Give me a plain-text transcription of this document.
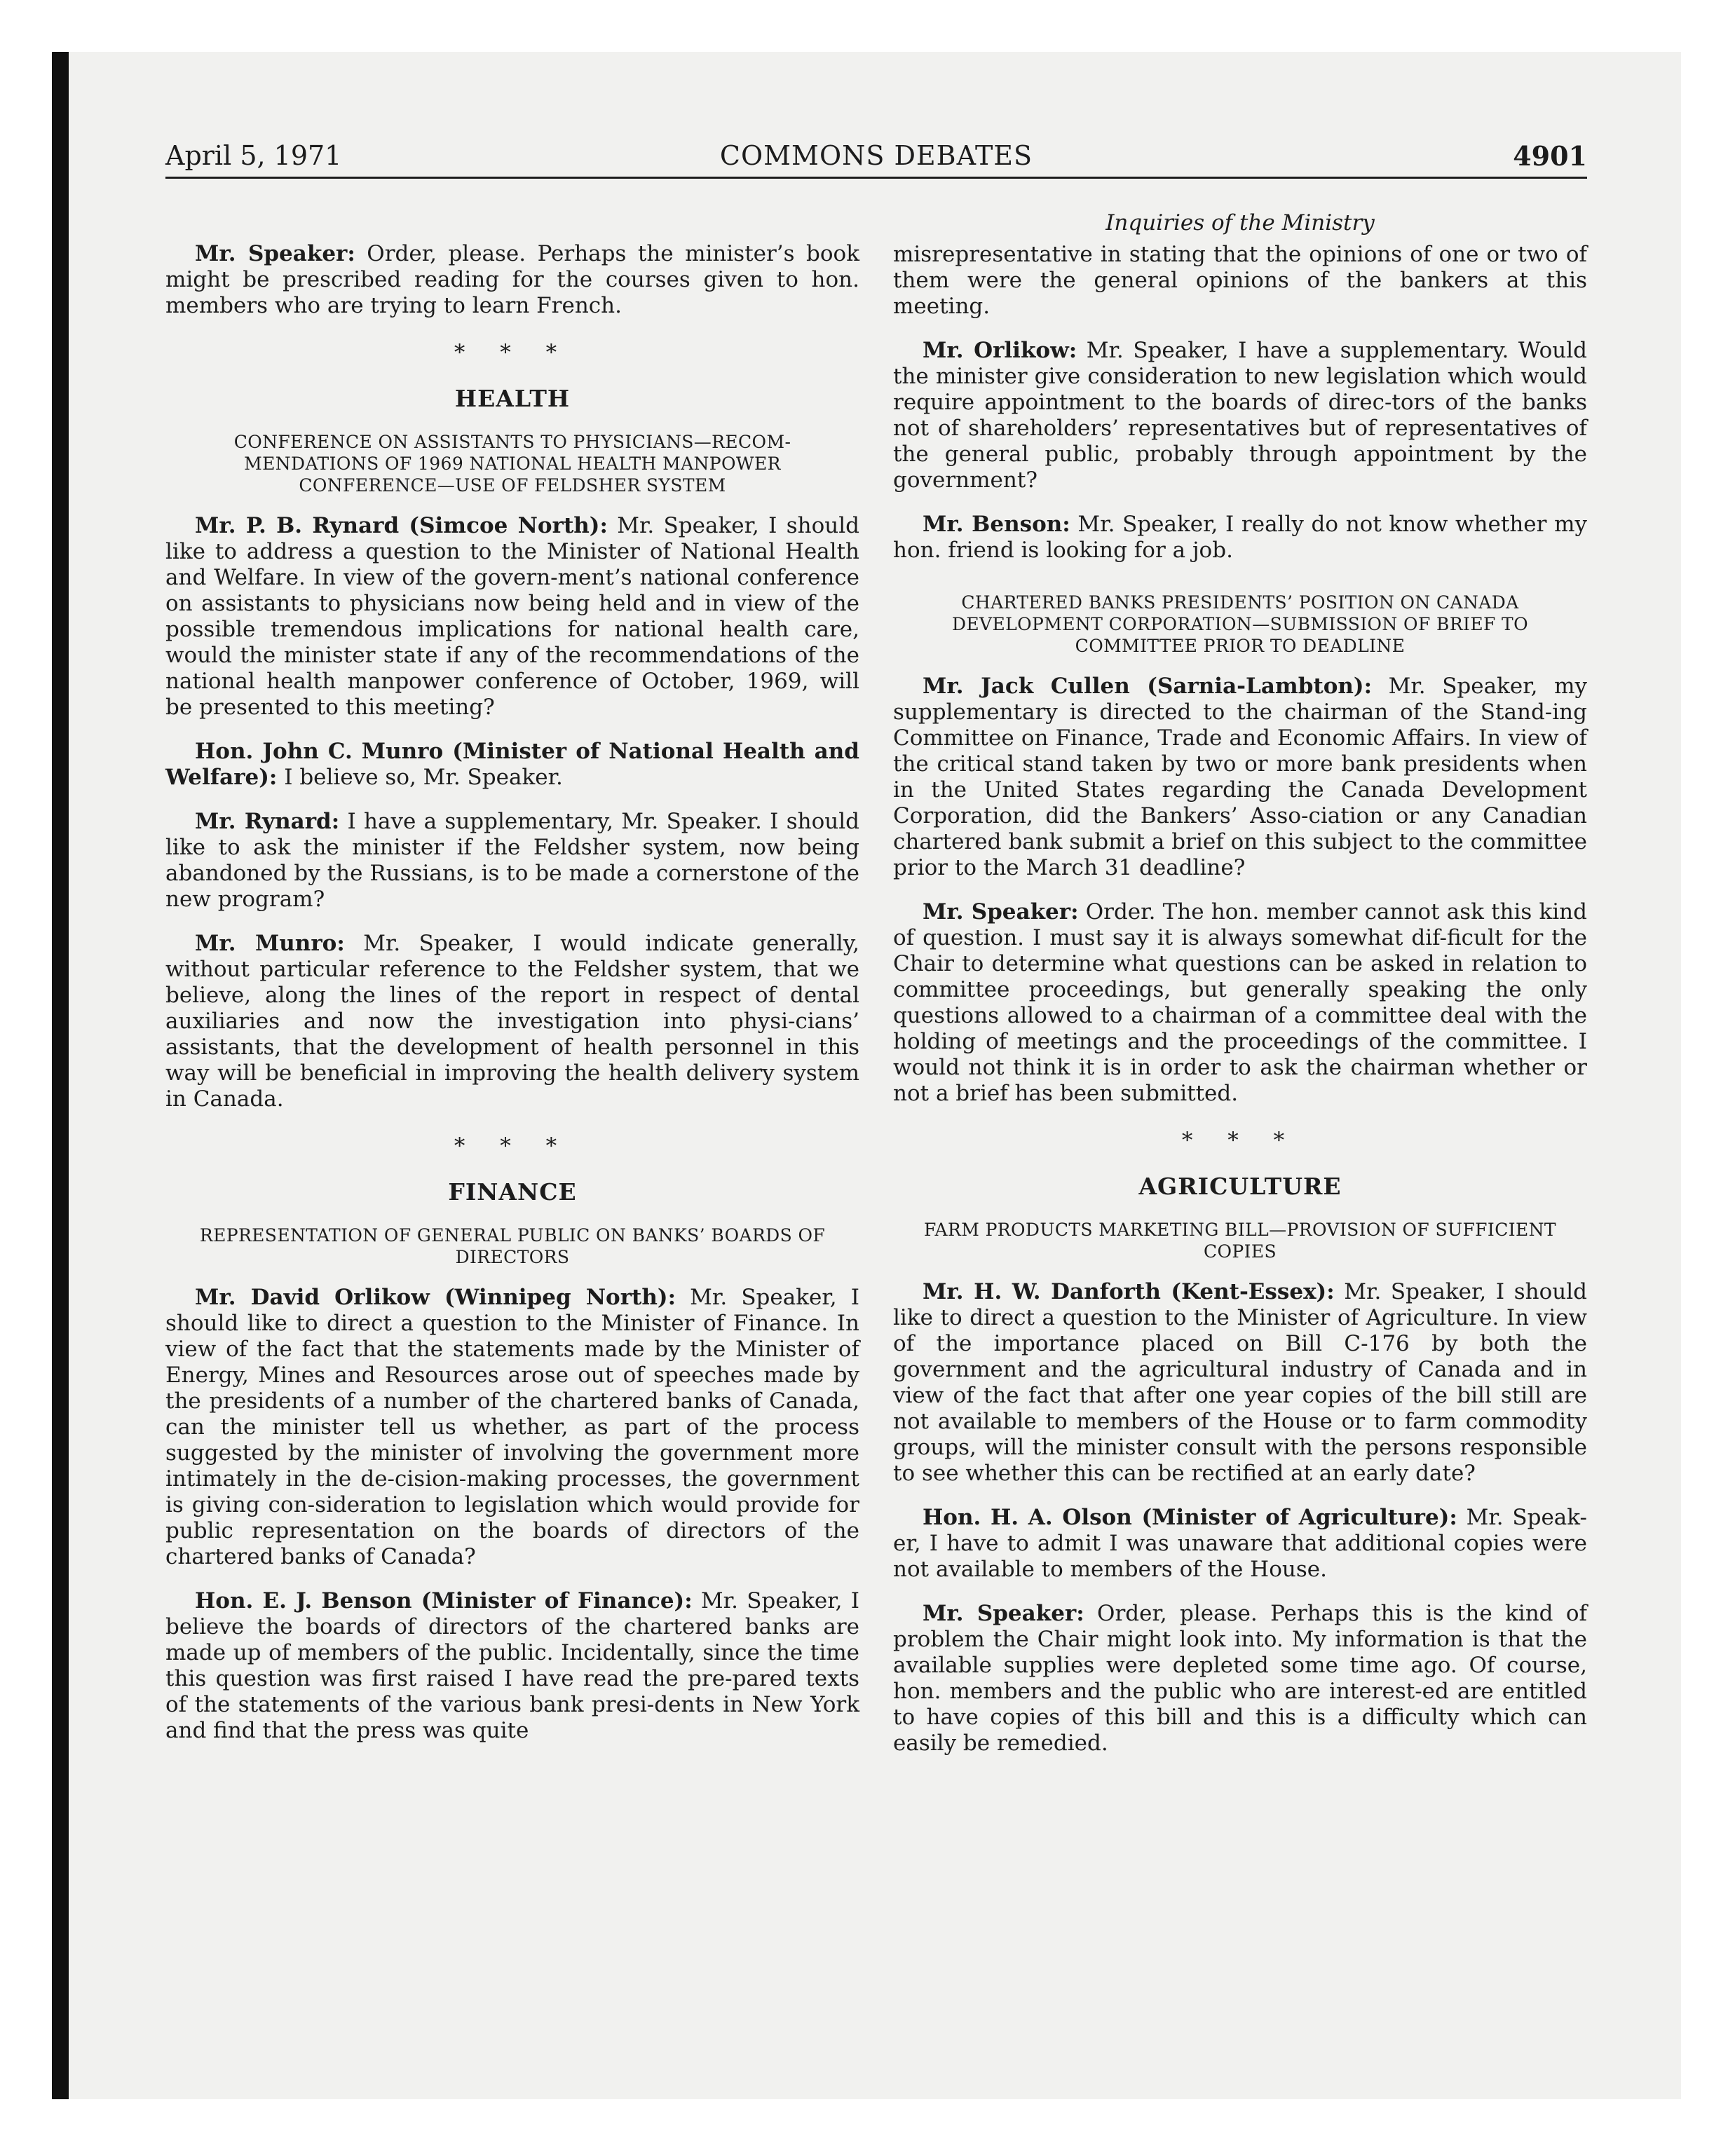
April 5, 1971	COMMONS DEBATES	4901

Mr. Speaker: Order, please. Perhaps the minister’s book might be prescribed reading for the courses given to hon. members who are trying to learn French.

* * *
HEALTH
CONFERENCE ON ASSISTANTS TO PHYSICIANS—RECOM-MENDATIONS OF 1969 NATIONAL HEALTH MANPOWER CONFERENCE—USE OF FELDSHER SYSTEM

Mr. P. B. Rynard (Simcoe North): Mr. Speaker, I should like to address a question to the Minister of National Health and Welfare. In view of the govern-ment’s national conference on assistants to physicians now being held and in view of the possible tremendous implications for national health care, would the minister state if any of the recommendations of the national health manpower conference of October, 1969, will be presented to this meeting?

Hon. John C. Munro (Minister of National Health and Welfare): I believe so, Mr. Speaker.

Mr. Rynard: I have a supplementary, Mr. Speaker. I should like to ask the minister if the Feldsher system, now being abandoned by the Russians, is to be made a cornerstone of the new program?

Mr. Munro: Mr. Speaker, I would indicate generally, without particular reference to the Feldsher system, that we believe, along the lines of the report in respect of dental auxiliaries and now the investigation into physi-cians’ assistants, that the development of health personnel in this way will be beneficial in improving the health delivery system in Canada.

* * *
FINANCE
REPRESENTATION OF GENERAL PUBLIC ON BANKS’ BOARDS OF DIRECTORS

Mr. David Orlikow (Winnipeg North): Mr. Speaker, I should like to direct a question to the Minister of Finance. In view of the fact that the statements made by the Minister of Energy, Mines and Resources arose out of speeches made by the presidents of a number of the chartered banks of Canada, can the minister tell us whether, as part of the process suggested by the minister of involving the government more intimately in the de-cision-making processes, the government is giving con-sideration to legislation which would provide for public representation on the boards of directors of the chartered banks of Canada?

Hon. E. J. Benson (Minister of Finance): Mr. Speaker, I believe the boards of directors of the chartered banks are made up of members of the public. Incidentally, since the time this question was first raised I have read the pre-pared texts of the statements of the various bank presi-dents in New York and find that the press was quite

Inquiries of the Ministry

misrepresentative in stating that the opinions of one or two of them were the general opinions of the bankers at this meeting.

Mr. Orlikow: Mr. Speaker, I have a supplementary. Would the minister give consideration to new legislation which would require appointment to the boards of direc-tors of the banks not of shareholders’ representatives but of representatives of the general public, probably through appointment by the government?

Mr. Benson: Mr. Speaker, I really do not know whether my hon. friend is looking for a job.

CHARTERED BANKS PRESIDENTS’ POSITION ON CANADA DEVELOPMENT CORPORATION—SUBMISSION OF BRIEF TO COMMITTEE PRIOR TO DEADLINE

Mr. Jack Cullen (Sarnia-Lambton): Mr. Speaker, my supplementary is directed to the chairman of the Stand-ing Committee on Finance, Trade and Economic Affairs. In view of the critical stand taken by two or more bank presidents when in the United States regarding the Canada Development Corporation, did the Bankers’ Asso-ciation or any Canadian chartered bank submit a brief on this subject to the committee prior to the March 31 deadline?

Mr. Speaker: Order. The hon. member cannot ask this kind of question. I must say it is always somewhat dif-ficult for the Chair to determine what questions can be asked in relation to committee proceedings, but generally speaking the only questions allowed to a chairman of a committee deal with the holding of meetings and the proceedings of the committee. I would not think it is in order to ask the chairman whether or not a brief has been submitted.

* * *
AGRICULTURE
FARM PRODUCTS MARKETING BILL—PROVISION OF SUFFICIENT COPIES

Mr. H. W. Danforth (Kent-Essex): Mr. Speaker, I should like to direct a question to the Minister of Agriculture. In view of the importance placed on Bill C-176 by both the government and the agricultural industry of Canada and in view of the fact that after one year copies of the bill still are not available to members of the House or to farm commodity groups, will the minister consult with the persons responsible to see whether this can be rectified at an early date?

Hon. H. A. Olson (Minister of Agriculture): Mr. Speak-er, I have to admit I was unaware that additional copies were not available to members of the House.

Mr. Speaker: Order, please. Perhaps this is the kind of problem the Chair might look into. My information is that the available supplies were depleted some time ago. Of course, hon. members and the public who are interest-ed are entitled to have copies of this bill and this is a difficulty which can easily be remedied.
